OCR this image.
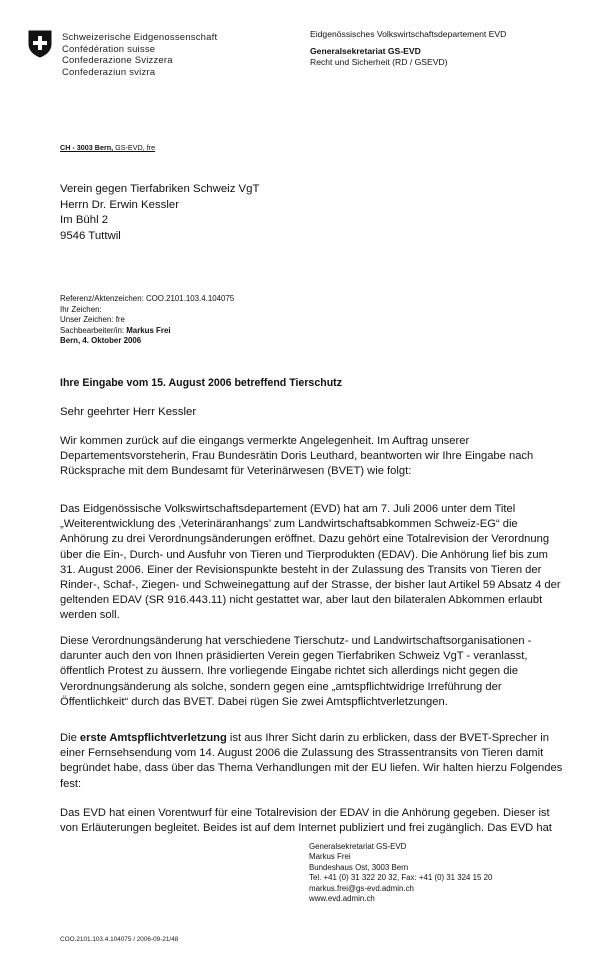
Schweizerische Eidgenossenschaft
Confédération suisse
Confederazione Svizzera
Confederaziun svizra
Eidgenössisches Volkswirtschaftsdepartement EVD
Generalsekretariat GS-EVD
Recht und Sicherheit (RD / GSEVD)
CH - 3003 Bern, GS-EVD, fre
Verein gegen Tierfabriken Schweiz VgT
Herrn Dr. Erwin Kessler
Im Bühl 2
9546 Tuttwil
Referenz/Aktenzeichen: COO.2101.103.4.104075
Ihr Zeichen:
Unser Zeichen: fre
Sachbearbeiter/in: Markus Frei
Bern, 4. Oktober 2006
Ihre Eingabe vom 15. August 2006 betreffend Tierschutz
Sehr geehrter Herr Kessler
Wir kommen zurück auf die eingangs vermerkte Angelegenheit. Im Auftrag unserer
Departementsvorsteherin, Frau Bundesrätin Doris Leuthard, beantworten wir Ihre Eingabe nach
Rücksprache mit dem Bundesamt für Veterinärwesen (BVET) wie folgt:
Das Eidgenössische Volkswirtschaftsdepartement (EVD) hat am 7. Juli 2006 unter dem Titel
„Weiterentwicklung des ‚Veterinäranhangs’ zum Landwirtschaftsabkommen Schweiz-EG“ die
Anhörung zu drei Verordnungsänderungen eröffnet. Dazu gehört eine Totalrevision der Verordnung
über die Ein-, Durch- und Ausfuhr von Tieren und Tierprodukten (EDAV). Die Anhörung lief bis zum
31. August 2006. Einer der Revisionspunkte besteht in der Zulassung des Transits von Tieren der
Rinder-, Schaf-, Ziegen- und Schweinegattung auf der Strasse, der bisher laut Artikel 59 Absatz 4 der
geltenden EDAV (SR 916.443.11) nicht gestattet war, aber laut den bilateralen Abkommen erlaubt
werden soll.
Diese Verordnungsänderung hat verschiedene Tierschutz- und Landwirtschaftsorganisationen -
darunter auch den von Ihnen präsidierten Verein gegen Tierfabriken Schweiz VgT - veranlasst,
öffentlich Protest zu äussern. Ihre vorliegende Eingabe richtet sich allerdings nicht gegen die
Verordnungsänderung als solche, sondern gegen eine „amtspflichtwidrige Irreführung der
Öffentlichkeit“ durch das BVET. Dabei rügen Sie zwei Amtspflichtverletzungen.
Die erste Amtspflichtverletzung ist aus Ihrer Sicht darin zu erblicken, dass der BVET-Sprecher in
einer Fernsehsendung vom 14. August 2006 die Zulassung des Strassentransits von Tieren damit
begründet habe, dass über das Thema Verhandlungen mit der EU liefen. Wir halten hierzu Folgendes
fest:
Das EVD hat einen Vorentwurf für eine Totalrevision der EDAV in die Anhörung gegeben. Dieser ist
von Erläuterungen begleitet. Beides ist auf dem Internet publiziert und frei zugänglich. Das EVD hat
Generalsekretariat GS-EVD
Markus Frei
Bundeshaus Ost, 3003 Bern
Tel. +41 (0) 31 322 20 32, Fax: +41 (0) 31 324 15 20
markus.frei@gs-evd.admin.ch
www.evd.admin.ch
COO.2101.103.4.104075 / 2006-09-21/48
